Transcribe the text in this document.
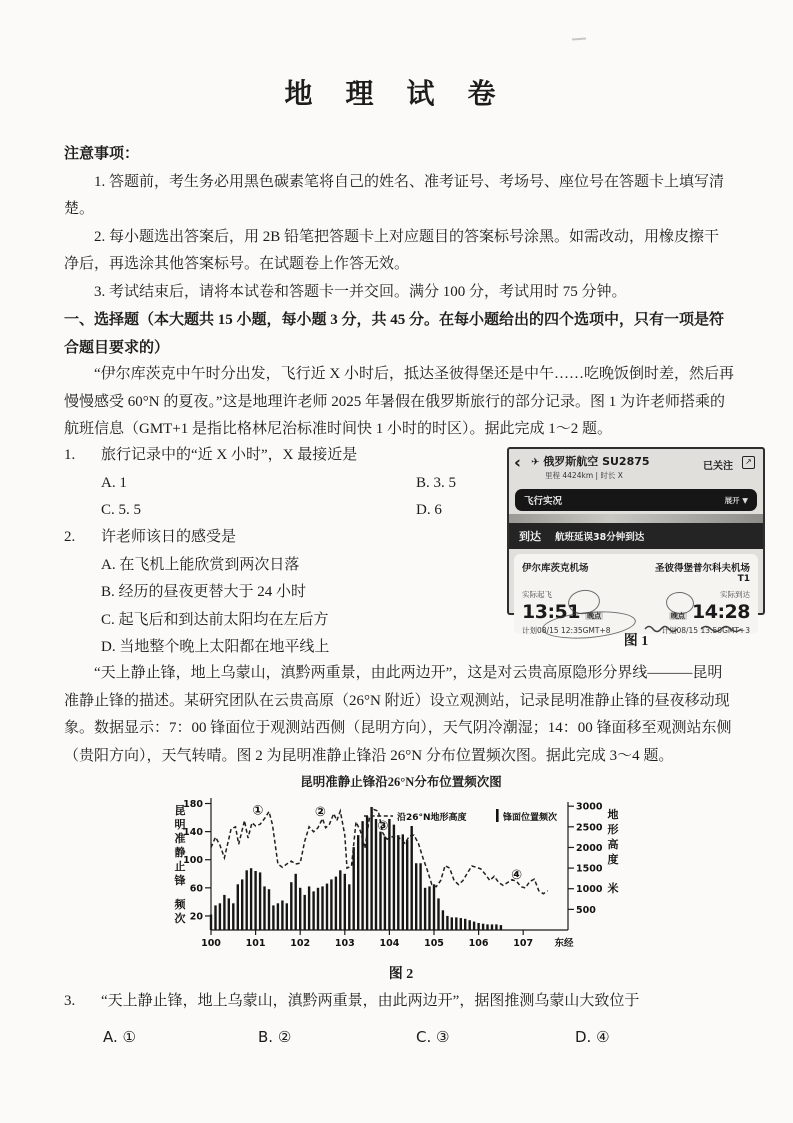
地 理 试 卷
注意事项：

1. 答题前，考生务必用黑色碳素笔将自己的姓名、准考证号、考场号、座位号在答题卡上填写清楚。

2. 每小题选出答案后，用 2B 铅笔把答题卡上对应题目的答案标号涂黑。如需改动，用橡皮擦干净后，再选涂其他答案标号。在试题卷上作答无效。

3. 考试结束后，请将本试卷和答题卡一并交回。满分 100 分，考试用时 75 分钟。

一、选择题（本大题共 15 小题，每小题 3 分，共 45 分。在每小题给出的四个选项中，只有一项是符合题目要求的）

“伊尔库茨克中午时分出发，飞行近 X 小时后，抵达圣彼得堡还是中午……吃晚饭倒时差，然后再慢慢感受 60°N 的夏夜。”这是地理许老师 2025 年暑假在俄罗斯旅行的部分记录。图 1 为许老师搭乘的航班信息（GMT+1 是指比格林尼治标准时间快 1 小时的时区）。据此完成 1～2 题。

1.	旅行记录中的“近 X 小时”，X 最接近是
A. 1	B. 3. 5
C. 5. 5	D. 6
2.	许老师该日的感受是
A. 在飞机上能欣赏到两次日落
B. 经历的昼夜更替大于 24 小时
C. 起飞后和到达前太阳均在左后方
D. 当地整个晚上太阳都在地平线上
‹ ✈ 俄罗斯航空 SU2875
里程 4424km | 时长 X
已关注	↗
飞行实况	展开 ▼
到达 航班延误38分钟到达
伊尔库茨克机场	圣彼得堡普尔科夫机场
T1
实际起飞	实际到达
13:51 晚点	晚点 14:28
计划08/15 12:35GMT+8	计划08/15 13:50GMT+3
图 1

“天上静止锋，地上乌蒙山，滇黔两重景，由此两边开”，这是对云贵高原隐形分界线———昆明准静止锋的描述。某研究团队在云贵高原（26°N 附近）设立观测站，记录昆明准静止锋的昼夜移动现象。数据显示：7：00 锋面位于观测站西侧（昆明方向），天气阴冷潮湿；14：00 锋面移至观测站东侧（贵阳方向），天气转晴。图 2 为昆明准静止锋沿 26°N 分布位置频次图。据此完成 3～4 题。

昆明准静止锋沿26°N分布位置频次图
20
60
100
140
180
500
1000
1500
2000
2500
3000
100	101	102	103	104	105	106	107 东经
沿26°N地形高度	锋面位置频次
①	②
③
④
昆
明
准
静
止
锋
频
次
地
形
高
度
米
图 2
3.	“天上静止锋，地上乌蒙山，滇黔两重景，由此两边开”，据图推测乌蒙山大致位于
A. ①	B. ②	C. ③	D. ④
